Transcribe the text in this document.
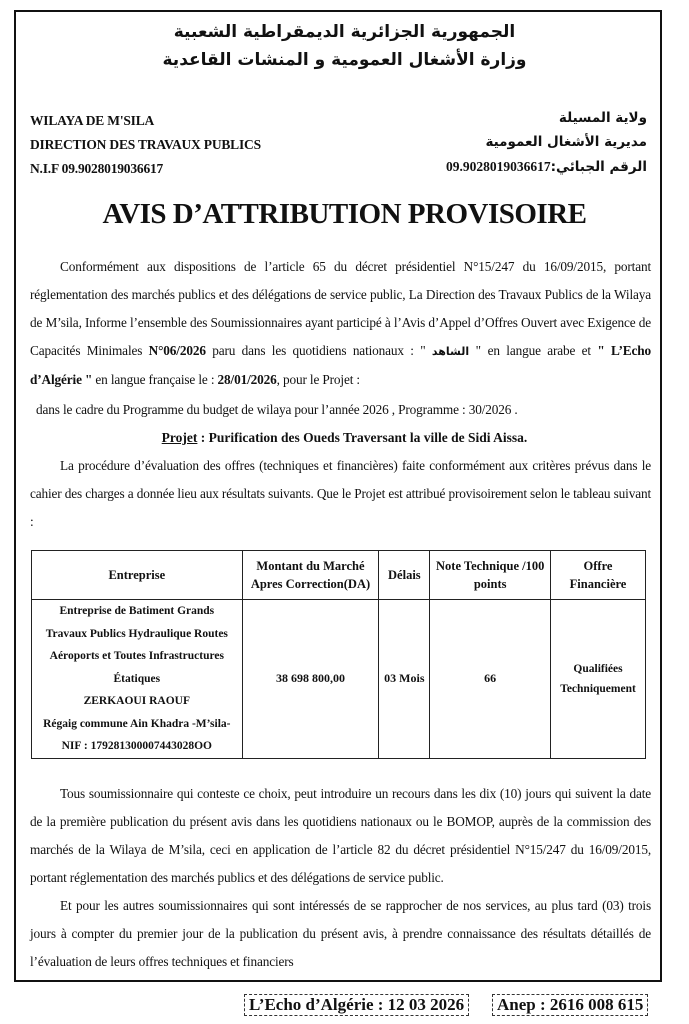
الجمهورية الجزائرية الديمقراطية الشعبية
وزارة الأشغال العمومية و المنشات القاعدية
WILAYA DE M'SILA
DIRECTION DES TRAVAUX PUBLICS
N.I.F 09.9028019036617
ولاية المسيلة
مديرية الأشغال العمومية
الرقم الجبائي:09.9028019036617
AVIS D’ATTRIBUTION PROVISOIRE
Conformément aux dispositions de l’article 65 du décret présidentiel N°15/247 du 16/09/2015, portant réglementation des marchés publics et des délégations de service public, La Direction des Travaux Publics de la Wilaya de M’sila, Informe l’ensemble des Soumissionnaires ayant participé à l’Avis d’Appel d’Offres Ouvert avec Exigence de Capacités Minimales N°06/2026 paru dans les quotidiens nationaux : " الشاهد " en langue arabe et " L’Echo d’Algérie " en langue française le : 28/01/2026, pour le Projet :
dans le cadre du Programme du budget de wilaya pour l’année 2026 , Programme : 30/2026 .
Projet : Purification des Oueds Traversant la ville de Sidi Aissa.
La procédure d’évaluation des offres (techniques et financières) faite conformément aux critères prévus dans le cahier des charges a donnée lieu aux résultats suivants. Que le Projet est attribué provisoirement selon le tableau suivant :
Entreprise	Montant du Marché Apres Correction(DA)	Délais	Note Technique /100 points	Offre Financière

Entreprise de Batiment Grands
Travaux Publics Hydraulique Routes
Aéroports et Toutes Infrastructures
Étatiques
ZERKAOUI RAOUF
Régaig commune Ain Khadra -M’sila-
NIF : 179281300007443028OO
	38 698 800,00	03 Mois	66	Qualifiées Techniquement
Tous soumissionnaire qui conteste ce choix, peut introduire un recours dans les dix (10) jours qui suivent la date de la première publication du présent avis dans les quotidiens nationaux ou le BOMOP, auprès de la commission des marchés de la Wilaya de M’sila, ceci en application de l’article 82 du décret présidentiel N°15/247 du 16/09/2015, portant réglementation des marchés publics et des délégations de service public.
Et pour les autres soumissionnaires qui sont intéressés de se rapprocher de nos services, au plus tard (03) trois jours à compter du premier jour de la publication du présent avis, à prendre connaissance des résultats détaillés de l’évaluation de leurs offres techniques et financiers
L’Echo d’Algérie : 12 03 2026 Anep : 2616 008 615
